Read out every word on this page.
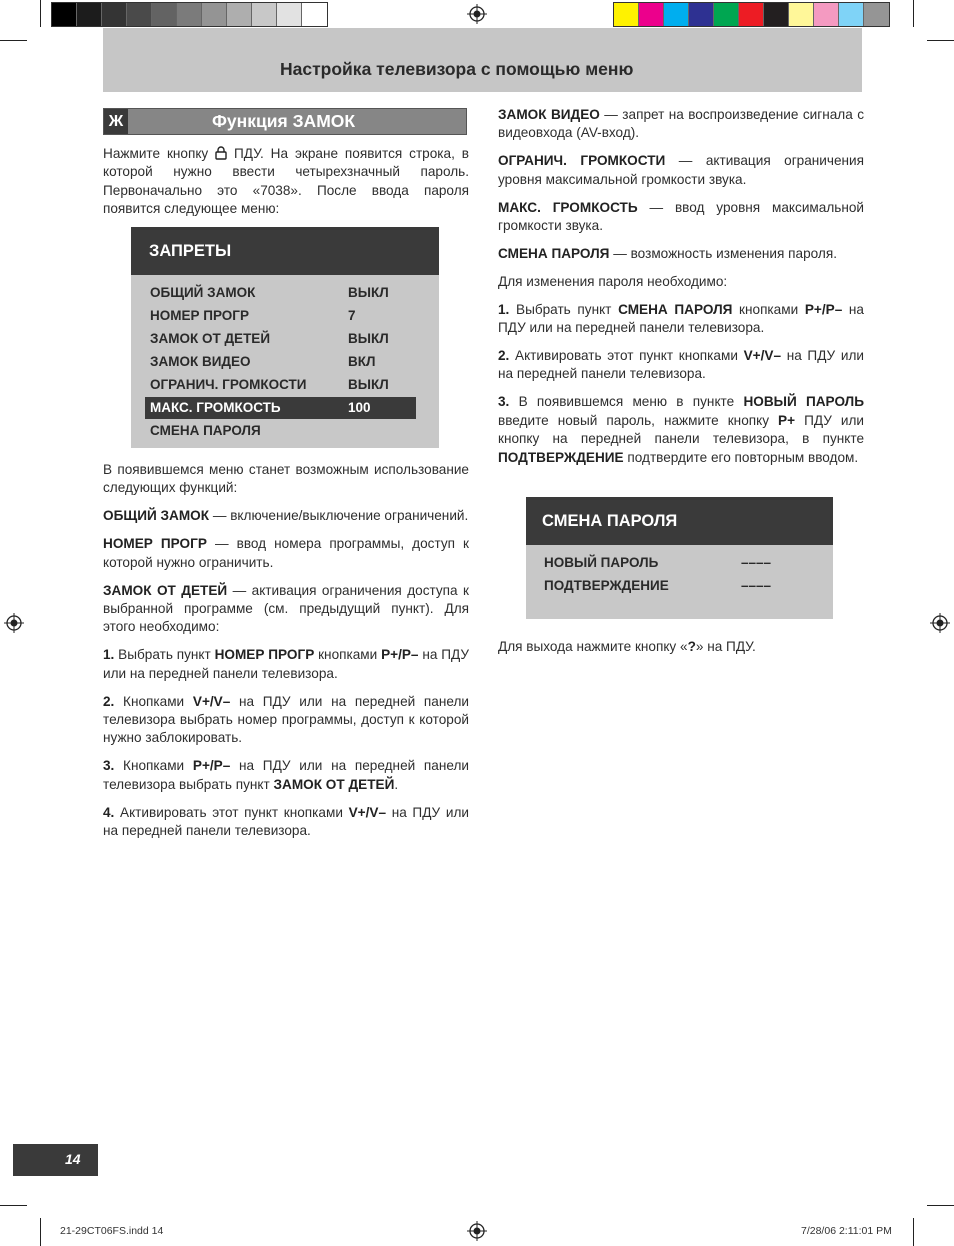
Настройка телевизора с помощью меню
Ж	Функция ЗАМОК

Нажмите кнопку  ПДУ. На экране появится строка, в которой нужно ввести четырехзначный пароль. Первоначально это «7038». После ввода пароля появится следующее меню:

ЗАПРЕТЫ
ОБЩИЙ ЗАМОК	ВЫКЛ
НОМЕР ПРОГР	7
ЗАМОК ОТ ДЕТЕЙ	ВЫКЛ
ЗАМОК ВИДЕО	ВКЛ
ОГРАНИЧ. ГРОМКОСТИ	ВЫКЛ
МАКС. ГРОМКОСТЬ	100
СМЕНА ПАРОЛЯ

В появившемся меню станет возможным использование следующих функций:

ОБЩИЙ ЗАМОК — включение/выключение ограничений.

НОМЕР ПРОГР — ввод номера программы, доступ к которой нужно ограничить.

ЗАМОК ОТ ДЕТЕЙ — активация ограничения доступа к выбранной программе (см. предыдущий пункт). Для этого необходимо:

1. Выбрать пункт НОМЕР ПРОГР кнопками P+/P– на ПДУ или на передней панели телевизора.

2. Кнопками V+/V– на ПДУ или на передней панели телевизора выбрать номер программы, доступ к которой нужно заблокировать.

3. Кнопками P+/P– на ПДУ или на передней панели телевизора выбрать пункт ЗАМОК ОТ ДЕТЕЙ.

4. Активировать этот пункт кнопками V+/V– на ПДУ или на передней панели телевизора.

ЗАМОК ВИДЕО — запрет на воспроизведение сигнала с видеовхода (AV-вход).

ОГРАНИЧ. ГРОМКОСТИ — активация ограничения уровня максимальной громкости звука.

МАКС. ГРОМКОСТЬ — ввод уровня максимальной громкости звука.

СМЕНА ПАРОЛЯ — возможность изменения пароля.

Для изменения пароля необходимо:

1. Выбрать пункт СМЕНА ПАРОЛЯ кнопками P+/P– на ПДУ или на передней панели телевизора.

2. Активировать этот пункт кнопками V+/V– на ПДУ или на передней панели телевизора.

3. В появившемся меню в пункте НОВЫЙ ПАРОЛЬ введите новый пароль, нажмите кнопку P+ ПДУ или кнопку на передней панели телевизора, в пункте ПОДТВЕРЖДЕНИЕ подтвердите его повторным вводом.

СМЕНА ПАРОЛЯ
НОВЫЙ ПАРОЛЬ	––––
ПОДТВЕРЖДЕНИЕ	––––

Для выхода нажмите кнопку «?» на ПДУ.

14
21-29CT06FS.indd 14	7/28/06 2:11:01 PM
